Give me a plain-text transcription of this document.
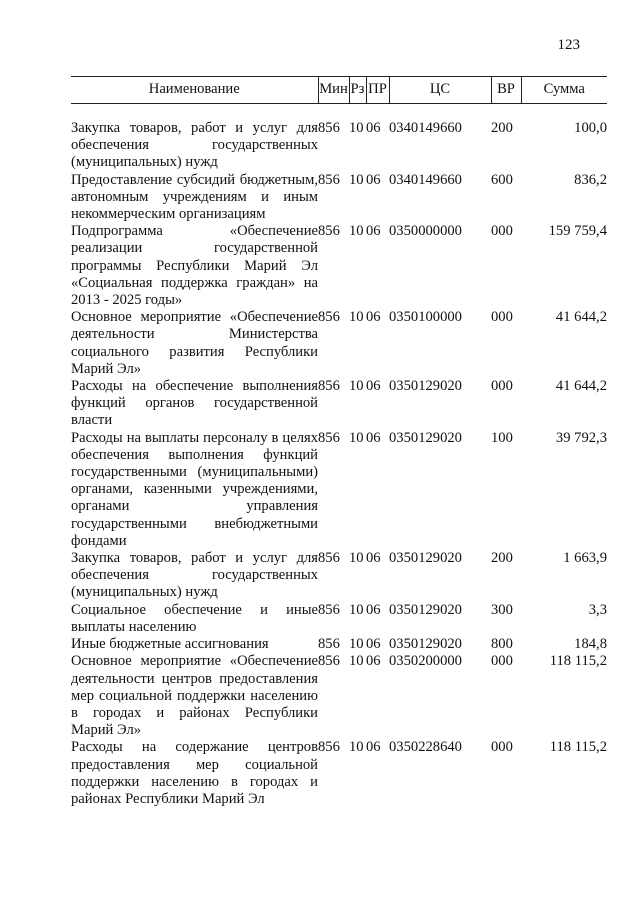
123
Наименование	Мин	Рз	ПР	ЦС	ВР	Сумма

Закупка товаров, работ и услуг для обеспечения государственных (муниципальных) нужд	856	10	06	0340149660	200	100,0
Предоставление субсидий бюджетным, автономным учреждениям и иным некоммерческим организациям	856	10	06	0340149660	600	836,2
Подпрограмма «Обеспечение реализации государственной программы Республики Марий Эл «Социальная поддержка граждан» на 2013 - 2025 годы»	856	10	06	0350000000	000	159 759,4
Основное мероприятие «Обеспечение деятельности Министерства социального развития Республики Марий Эл»	856	10	06	0350100000	000	41 644,2
Расходы на обеспечение выполнения функций органов государственной власти	856	10	06	0350129020	000	41 644,2
Расходы на выплаты персоналу в целях обеспечения выполнения функций государственными (муниципальными) органами, казенными учреждениями, органами управления государственными внебюджетными фондами	856	10	06	0350129020	100	39 792,3
Закупка товаров, работ и услуг для обеспечения государственных (муниципальных) нужд	856	10	06	0350129020	200	1 663,9
Социальное обеспечение и иные выплаты населению	856	10	06	0350129020	300	3,3
Иные бюджетные ассигнования	856	10	06	0350129020	800	184,8
Основное мероприятие «Обеспечение деятельности центров предоставления мер социальной поддержки населению в городах и районах Республики Марий Эл»	856	10	06	0350200000	000	118 115,2
Расходы на содержание центров предоставления мер социальной поддержки населению в городах и районах Республики Марий Эл	856	10	06	0350228640	000	118 115,2
